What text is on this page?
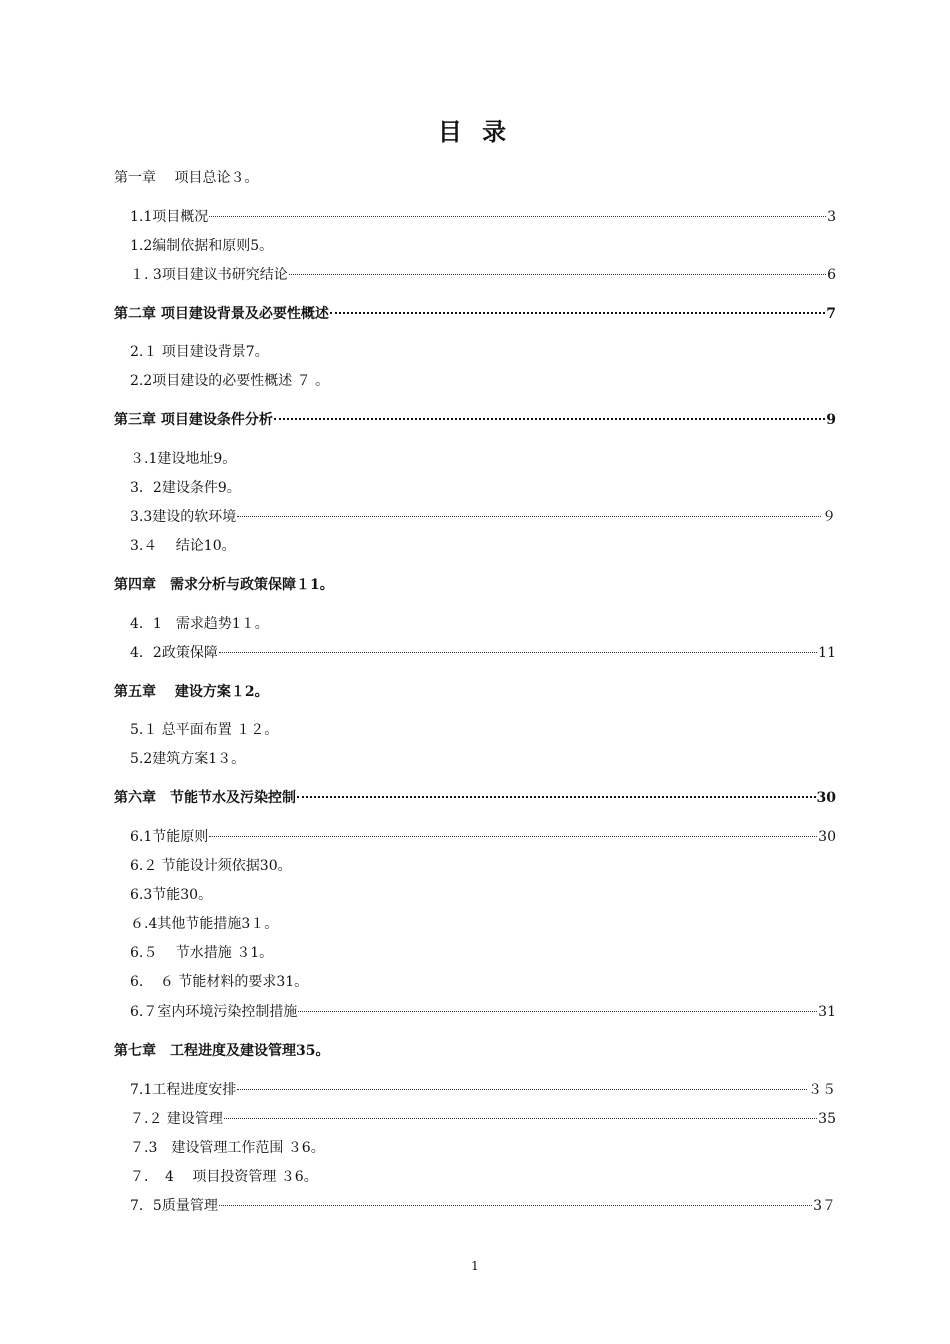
目 录
第一章 　项目总论３｡
1.1项目概况	3
1.2编制依据和原则5｡
１. 3项目建议书研究结论	6
第二章 项目建设背景及必要性概述	7
2.１ 项目建设背景7｡
2.2项目建设的必要性概述 ７ ｡
第三章 项目建设条件分析	9
３.1建设地址9｡
3．2建设条件9｡
3.3建设的软环境	９
3.４ 　结论10｡
第四章　需求分析与政策保障１1｡
4．1　需求趋势1１｡
4．2政策保障	11
第五章　 建设方案１2｡
5.１ 总平面布置 １２｡
5.2建筑方案1３｡
第六章　节能节水及污染控制	30
6.1节能原则	30
6.２ 节能设计须依据30｡
6.3节能30｡
６.4其他节能措施3１｡
6.５ 　节水措施 ３1｡
6．　６ 节能材料的要求31｡
6.７室内环境污染控制措施	31
第七章　工程进度及建设管理35｡
7.1工程进度安排	３５
７.２ 建设管理	35
７.3　建设管理工作范围 ３6｡
７．　4　 项目投资管理 ３6｡
7．5质量管理	3７
1
